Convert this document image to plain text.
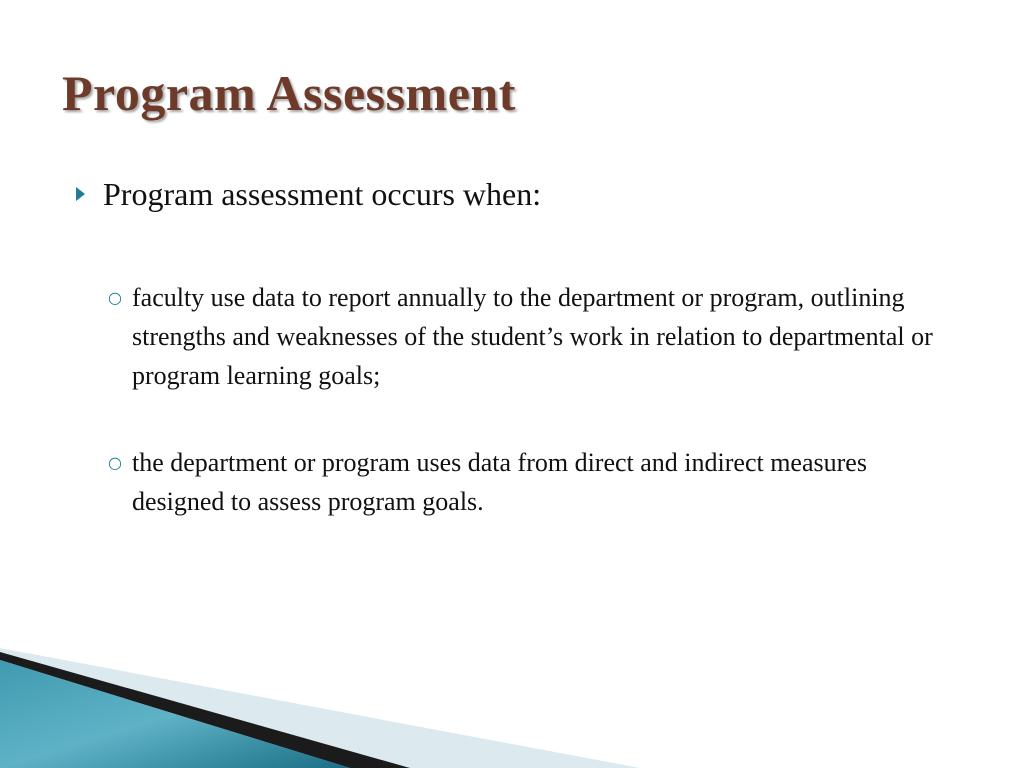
Program Assessment

Program assessment occurs when:

○ faculty use data to report annually to the department or program, outlining strengths and weaknesses of the student’s work in relation to departmental or program learning goals;

○ the department or program uses data from direct and indirect measures designed to assess program goals.
